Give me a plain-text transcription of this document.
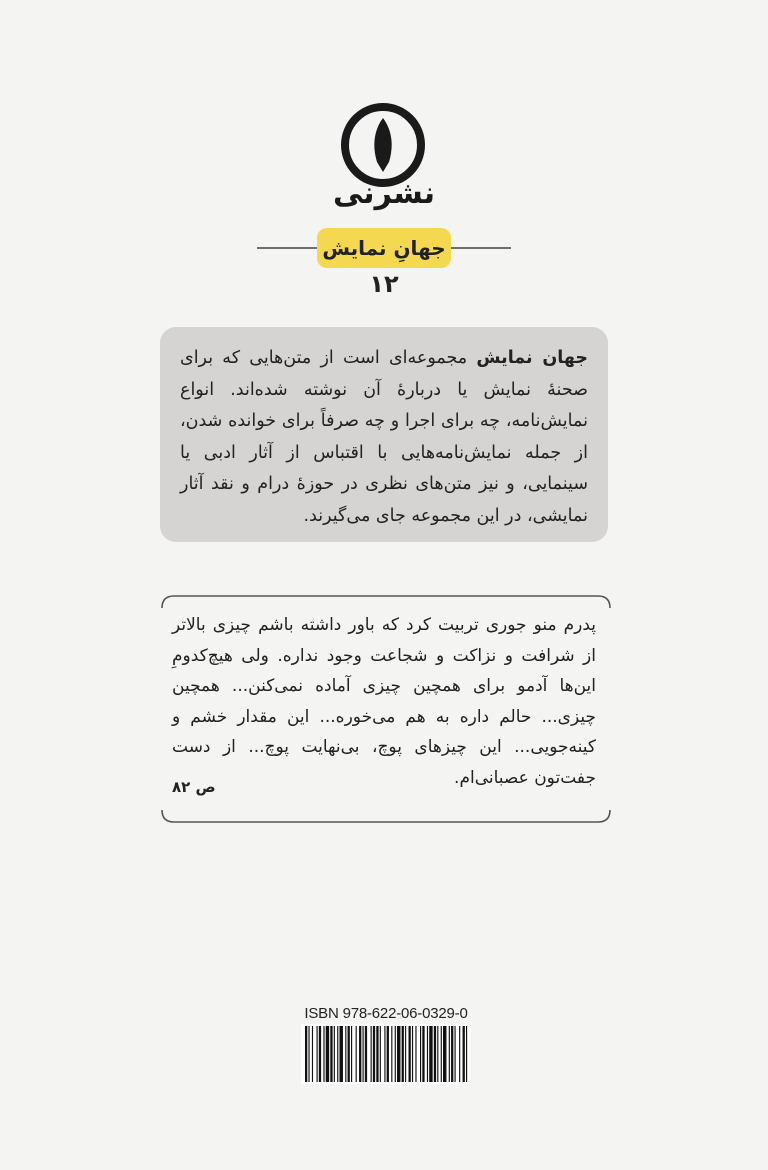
نشرنی
جهانِ نمایش
۱۲
جهان نمایش مجموعه‌ای است از متن‌هایی که برای صحنهٔ نمایش یا دربارهٔ آن نوشته شده‌اند. انواع نمایش‌نامه، چه برای اجرا و چه صرفاً برای خوانده شدن، از جمله نمایش‌نامه‌هایی با اقتباس از آثار ادبی یا سینمایی، و نیز متن‌های نظری در حوزهٔ درام و نقد آثار نمایشی، در این مجموعه جای می‌گیرند.
پدرم منو جوری تربیت کرد که باور داشته باشم چیزی بالاتر از شرافت و نزاکت و شجاعت وجود نداره. ولی هیچ‌کدومِ این‌ها آدمو برای همچین چیزی آماده نمی‌کنن... همچین چیزی... حالم داره به هم می‌خوره... این مقدار خشم و کینه‌جویی... این چیزهای پوچ، بی‌نهایت پوچ... از دست جفت‌تون عصبانی‌ام.
ص ۸۲
ISBN 978-622-06-0329-0
